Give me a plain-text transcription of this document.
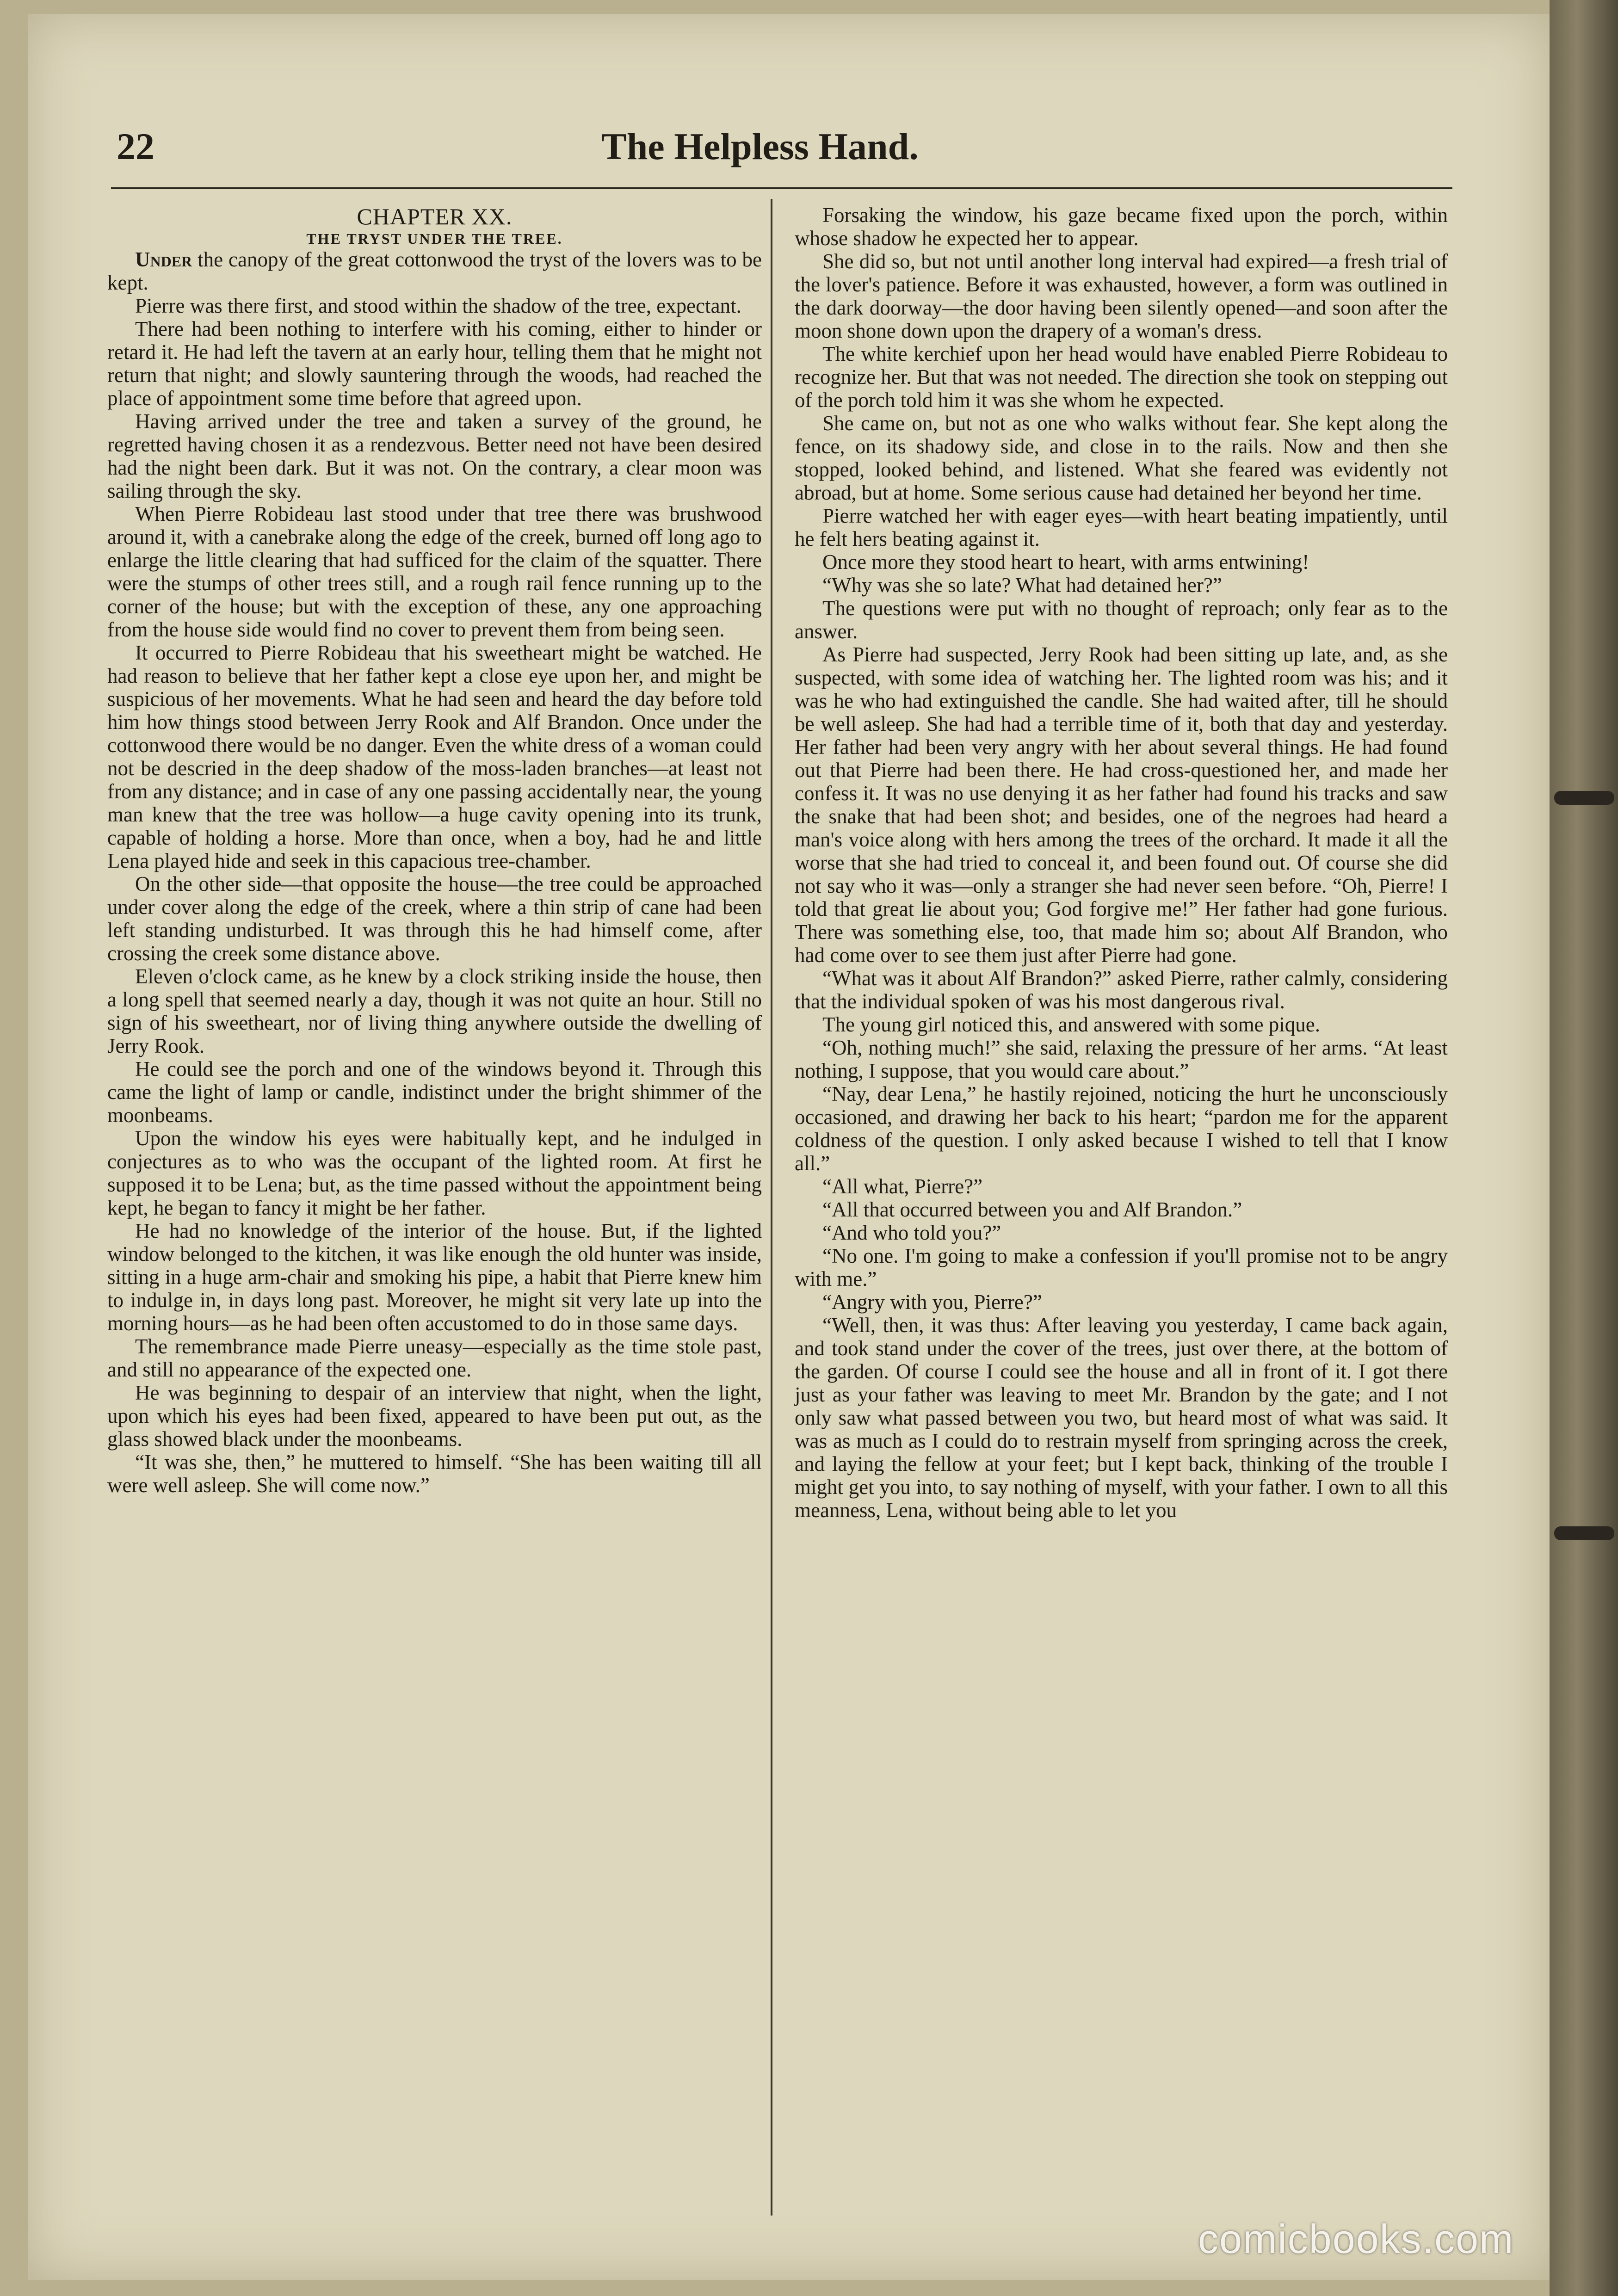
22	The Helpless Hand.

CHAPTER XX.

THE TRYST UNDER THE TREE.

Under the canopy of the great cottonwood the tryst of the lovers was to be kept.

Pierre was there first, and stood within the shadow of the tree, expectant.

There had been nothing to interfere with his coming, either to hinder or retard it. He had left the tavern at an early hour, telling them that he might not return that night; and slowly sauntering through the woods, had reached the place of appointment some time before that agreed upon.

Having arrived under the tree and taken a survey of the ground, he regretted having chosen it as a rendezvous. Better need not have been desired had the night been dark. But it was not. On the contrary, a clear moon was sailing through the sky.

When Pierre Robideau last stood under that tree there was brushwood around it, with a canebrake along the edge of the creek, burned off long ago to enlarge the little clearing that had sufficed for the claim of the squatter. There were the stumps of other trees still, and a rough rail fence running up to the corner of the house; but with the exception of these, any one approaching from the house side would find no cover to prevent them from being seen.

It occurred to Pierre Robideau that his sweetheart might be watched. He had reason to believe that her father kept a close eye upon her, and might be suspicious of her movements. What he had seen and heard the day before told him how things stood between Jerry Rook and Alf Brandon. Once under the cottonwood there would be no danger. Even the white dress of a woman could not be descried in the deep shadow of the moss-laden branches—at least not from any distance; and in case of any one passing accidentally near, the young man knew that the tree was hollow—a huge cavity opening into its trunk, capable of holding a horse. More than once, when a boy, had he and little Lena played hide and seek in this capacious tree-chamber.

On the other side—that opposite the house—the tree could be approached under cover along the edge of the creek, where a thin strip of cane had been left standing undisturbed. It was through this he had himself come, after crossing the creek some distance above.

Eleven o'clock came, as he knew by a clock striking inside the house, then a long spell that seemed nearly a day, though it was not quite an hour. Still no sign of his sweetheart, nor of living thing anywhere outside the dwelling of Jerry Rook.

He could see the porch and one of the windows beyond it. Through this came the light of lamp or candle, indistinct under the bright shimmer of the moonbeams.

Upon the window his eyes were habitually kept, and he indulged in conjectures as to who was the occupant of the lighted room. At first he supposed it to be Lena; but, as the time passed without the appointment being kept, he began to fancy it might be her father.

He had no knowledge of the interior of the house. But, if the lighted window belonged to the kitchen, it was like enough the old hunter was inside, sitting in a huge arm-chair and smoking his pipe, a habit that Pierre knew him to indulge in, in days long past. Moreover, he might sit very late up into the morning hours—as he had been often accustomed to do in those same days.

The remembrance made Pierre uneasy—especially as the time stole past, and still no appearance of the expected one.

He was beginning to despair of an interview that night, when the light, upon which his eyes had been fixed, appeared to have been put out, as the glass showed black under the moonbeams.

“It was she, then,” he muttered to himself. “She has been waiting till all were well asleep. She will come now.”

Forsaking the window, his gaze became fixed upon the porch, within whose shadow he expected her to appear.

She did so, but not until another long interval had expired—a fresh trial of the lover's patience. Before it was exhausted, however, a form was outlined in the dark doorway—the door having been silently opened—and soon after the moon shone down upon the drapery of a woman's dress.

The white kerchief upon her head would have enabled Pierre Robideau to recognize her. But that was not needed. The direction she took on stepping out of the porch told him it was she whom he expected.

She came on, but not as one who walks without fear. She kept along the fence, on its shadowy side, and close in to the rails. Now and then she stopped, looked behind, and listened. What she feared was evidently not abroad, but at home. Some serious cause had detained her beyond her time.

Pierre watched her with eager eyes—with heart beating impatiently, until he felt hers beating against it.

Once more they stood heart to heart, with arms entwining!

“Why was she so late? What had detained her?”

The questions were put with no thought of reproach; only fear as to the answer.

As Pierre had suspected, Jerry Rook had been sitting up late, and, as she suspected, with some idea of watching her. The lighted room was his; and it was he who had extinguished the candle. She had waited after, till he should be well asleep. She had had a terrible time of it, both that day and yesterday. Her father had been very angry with her about several things. He had found out that Pierre had been there. He had cross-questioned her, and made her confess it. It was no use denying it as her father had found his tracks and saw the snake that had been shot; and besides, one of the negroes had heard a man's voice along with hers among the trees of the orchard. It made it all the worse that she had tried to conceal it, and been found out. Of course she did not say who it was—only a stranger she had never seen before. “Oh, Pierre! I told that great lie about you; God forgive me!” Her father had gone furious. There was something else, too, that made him so; about Alf Brandon, who had come over to see them just after Pierre had gone.

“What was it about Alf Brandon?” asked Pierre, rather calmly, considering that the individual spoken of was his most dangerous rival.

The young girl noticed this, and answered with some pique.

“Oh, nothing much!” she said, relaxing the pressure of her arms. “At least nothing, I suppose, that you would care about.”

“Nay, dear Lena,” he hastily rejoined, noticing the hurt he unconsciously occasioned, and drawing her back to his heart; “pardon me for the apparent coldness of the question. I only asked because I wished to tell that I know all.”

“All what, Pierre?”

“All that occurred between you and Alf Brandon.”

“And who told you?”

“No one. I'm going to make a confession if you'll promise not to be angry with me.”

“Angry with you, Pierre?”

“Well, then, it was thus: After leaving you yesterday, I came back again, and took stand under the cover of the trees, just over there, at the bottom of the garden. Of course I could see the house and all in front of it. I got there just as your father was leaving to meet Mr. Brandon by the gate; and I not only saw what passed between you two, but heard most of what was said. It was as much as I could do to restrain myself from springing across the creek, and laying the fellow at your feet; but I kept back, thinking of the trouble I might get you into, to say nothing of myself, with your father. I own to all this meanness, Lena, without being able to let you

comicbooks.com
